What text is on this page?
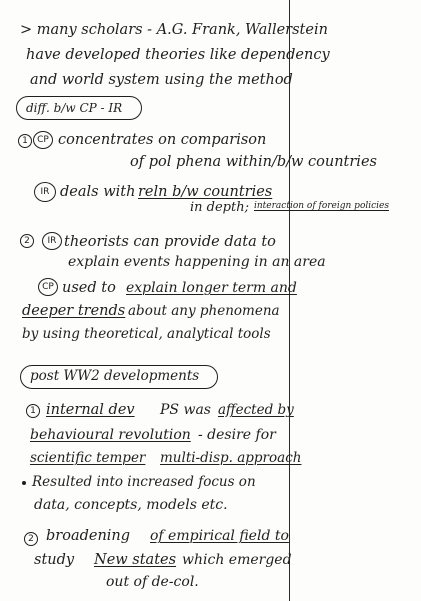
> many scholars - A.G. Frank, Wallerstein
have developed theories like dependency
and world system using the method
diff. b/w CP - IR
1	CP concentrates on comparison
of pol phena within/b/w countries
IR deals with reln b/w countries
in depth; interaction of foreign policies
2	IR theorists can provide data to
explain events happening in an area
CP used to explain longer term and
deeper trends about any phenomena
by using theoretical, analytical tools
post WW2 developments
1 internal dev PS was affected by
behavioural revolution - desire for
scientific temper multi-disp. approach
Resulted into increased focus on
data, concepts, models etc.
2 broadening of empirical field to
study New states which emerged
out of de-col.
